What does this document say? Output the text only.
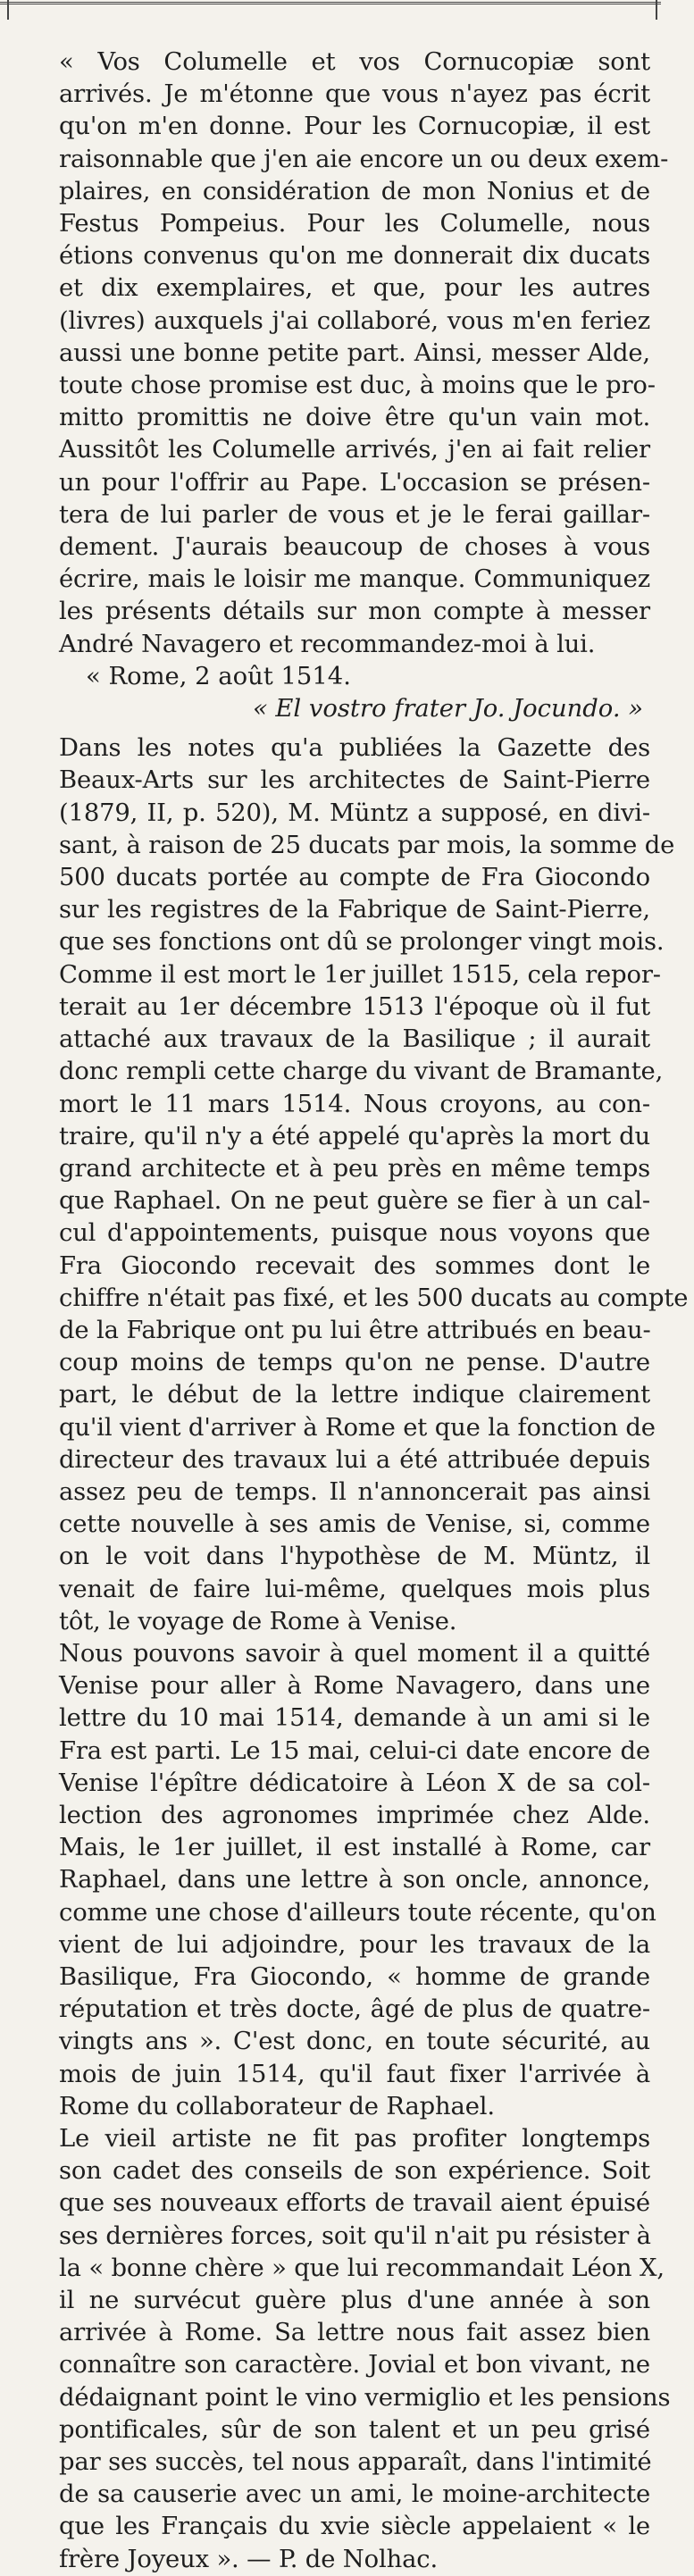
« Vos Columelle et vos Cornucopiæ sont
arrivés. Je m'étonne que vous n'ayez pas écrit
qu'on m'en donne. Pour les Cornucopiæ, il est
raisonnable que j'en aie encore un ou deux exem-
plaires, en considération de mon Nonius et de
Festus Pompeius. Pour les Columelle, nous
étions convenus qu'on me donnerait dix ducats
et dix exemplaires, et que, pour les autres
(livres) auxquels j'ai collaboré, vous m'en feriez
aussi une bonne petite part. Ainsi, messer Alde,
toute chose promise est duc, à moins que le pro-
mitto promittis ne doive être qu'un vain mot.
Aussitôt les Columelle arrivés, j'en ai fait relier
un pour l'offrir au Pape. L'occasion se présen-
tera de lui parler de vous et je le ferai gaillar-
dement. J'aurais beaucoup de choses à vous
écrire, mais le loisir me manque. Communiquez
les présents détails sur mon compte à messer
André Navagero et recommandez-moi à lui.
« Rome, 2 août 1514.
« El vostro frater Jo. Jocundo. »
Dans les notes qu'a publiées la Gazette des
Beaux-Arts sur les architectes de Saint-Pierre
(1879, II, p. 520), M. Müntz a supposé, en divi-
sant, à raison de 25 ducats par mois, la somme de
500 ducats portée au compte de Fra Giocondo
sur les registres de la Fabrique de Saint-Pierre,
que ses fonctions ont dû se prolonger vingt mois.
Comme il est mort le 1er juillet 1515, cela repor-
terait au 1er décembre 1513 l'époque où il fut
attaché aux travaux de la Basilique ; il aurait
donc rempli cette charge du vivant de Bramante,
mort le 11 mars 1514. Nous croyons, au con-
traire, qu'il n'y a été appelé qu'après la mort du
grand architecte et à peu près en même temps
que Raphael. On ne peut guère se fier à un cal-
cul d'appointements, puisque nous voyons que
Fra Giocondo recevait des sommes dont le
chiffre n'était pas fixé, et les 500 ducats au compte
de la Fabrique ont pu lui être attribués en beau-
coup moins de temps qu'on ne pense. D'autre
part, le début de la lettre indique clairement
qu'il vient d'arriver à Rome et que la fonction de
directeur des travaux lui a été attribuée depuis
assez peu de temps. Il n'annoncerait pas ainsi
cette nouvelle à ses amis de Venise, si, comme
on le voit dans l'hypothèse de M. Müntz, il
venait de faire lui-même, quelques mois plus
tôt, le voyage de Rome à Venise.
Nous pouvons savoir à quel moment il a quitté
Venise pour aller à Rome Navagero, dans une
lettre du 10 mai 1514, demande à un ami si le
Fra est parti. Le 15 mai, celui-ci date encore de
Venise l'épître dédicatoire à Léon X de sa col-
lection des agronomes imprimée chez Alde.
Mais, le 1er juillet, il est installé à Rome, car
Raphael, dans une lettre à son oncle, annonce,
comme une chose d'ailleurs toute récente, qu'on
vient de lui adjoindre, pour les travaux de la
Basilique, Fra Giocondo, « homme de grande
réputation et très docte, âgé de plus de quatre-
vingts ans ». C'est donc, en toute sécurité, au
mois de juin 1514, qu'il faut fixer l'arrivée à
Rome du collaborateur de Raphael.
Le vieil artiste ne fit pas profiter longtemps
son cadet des conseils de son expérience. Soit
que ses nouveaux efforts de travail aient épuisé
ses dernières forces, soit qu'il n'ait pu résister à
la « bonne chère » que lui recommandait Léon X,
il ne survécut guère plus d'une année à son
arrivée à Rome. Sa lettre nous fait assez bien
connaître son caractère. Jovial et bon vivant, ne
dédaignant point le vino vermiglio et les pensions
pontificales, sûr de son talent et un peu grisé
par ses succès, tel nous apparaît, dans l'intimité
de sa causerie avec un ami, le moine-architecte
que les Français du xvie siècle appelaient « le
frère Joyeux ». — P. de Nolhac.
